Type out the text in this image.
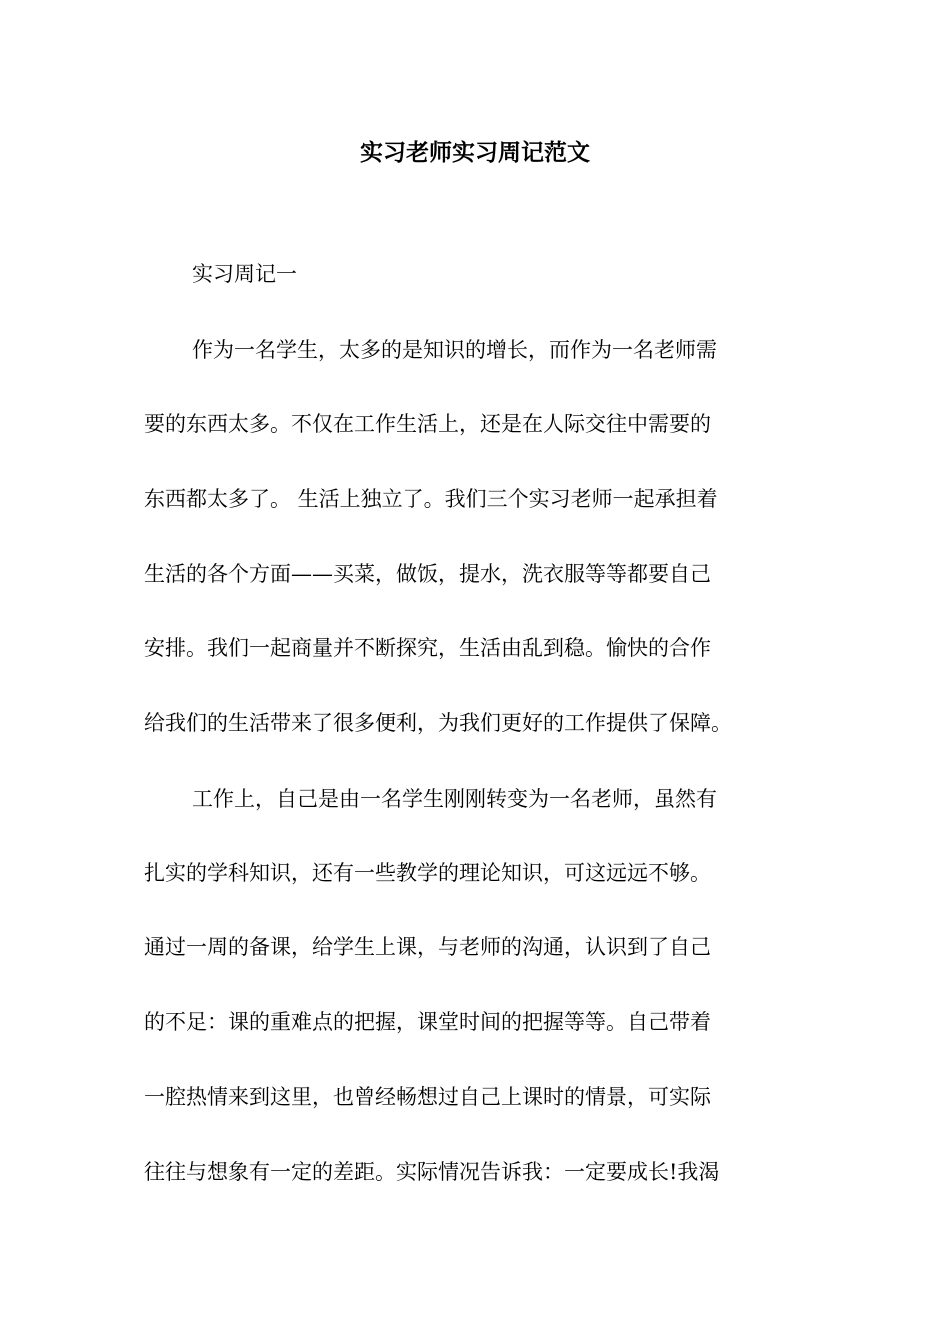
实习老师实习周记范文
实习周记一
作为一名学生，太多的是知识的增长，而作为一名老师需
要的东西太多。不仅在工作生活上，还是在人际交往中需要的
东西都太多了。 生活上独立了。我们三个实习老师一起承担着
生活的各个方面——买菜，做饭，提水，洗衣服等等都要自己
安排。我们一起商量并不断探究，生活由乱到稳。愉快的合作
给我们的生活带来了很多便利，为我们更好的工作提供了保障。
工作上，自己是由一名学生刚刚转变为一名老师，虽然有
扎实的学科知识，还有一些教学的理论知识，可这远远不够。
通过一周的备课，给学生上课，与老师的沟通，认识到了自己
的不足：课的重难点的把握，课堂时间的把握等等。自己带着
一腔热情来到这里，也曾经畅想过自己上课时的情景，可实际
往往与想象有一定的差距。实际情况告诉我：一定要成长!我渴
